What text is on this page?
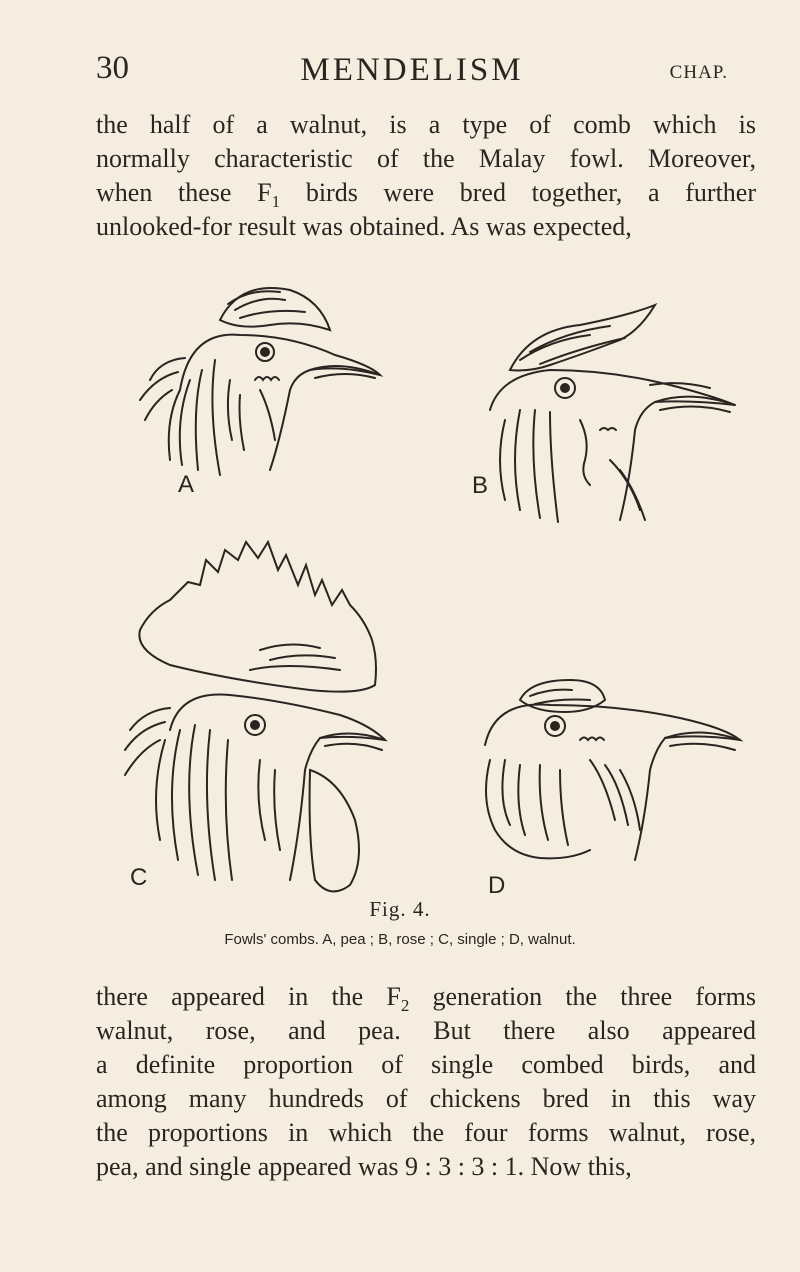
30	MENDELISM	CHAP.

the half of a walnut, is a type of comb which is
normally characteristic of the Malay fowl. Moreover,
when these $F_1$ birds were bred together, a further
unlooked-for result was obtained. As was expected,

A	B
C	D
Fig. 4.
Fowls' combs. A, pea ; B, rose ; C, single ; D, walnut.

there appeared in the $F_2$ generation the three forms
walnut, rose, and pea. But there also appeared
a definite proportion of single combed birds, and
among many hundreds of chickens bred in this way
the proportions in which the four forms walnut, rose,
pea, and single appeared was 9 : 3 : 3 : 1. Now this,
